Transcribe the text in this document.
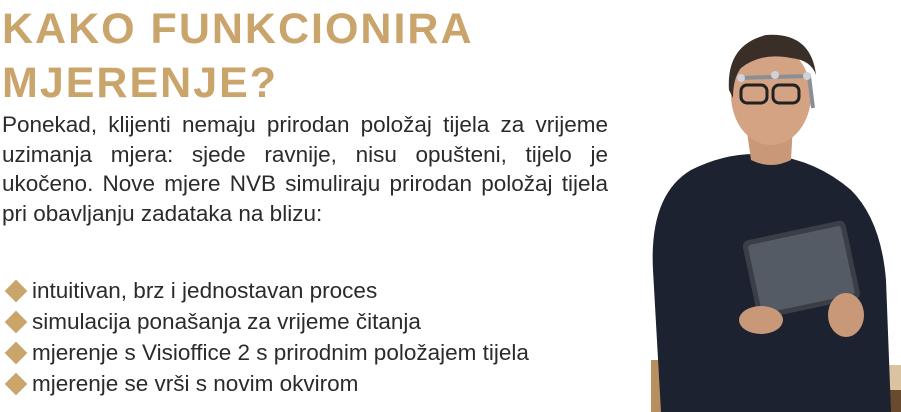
KAKO FUNKCIONIRA
MJERENJE?

Ponekad, klijenti nemaju prirodan položaj tijela za vrijeme uzimanja mjera: sjede ravnije, nisu opušteni, tijelo je ukočeno. Nove mjere NVB simuliraju prirodan položaj tijela pri obavljanju zadataka na blizu:

intuitivan, brz i jednostavan proces
simulacija ponašanja za vrijeme čitanja
mjerenje s Visioffice 2 s prirodnim položajem tijela
mjerenje se vrši s novim okvirom
